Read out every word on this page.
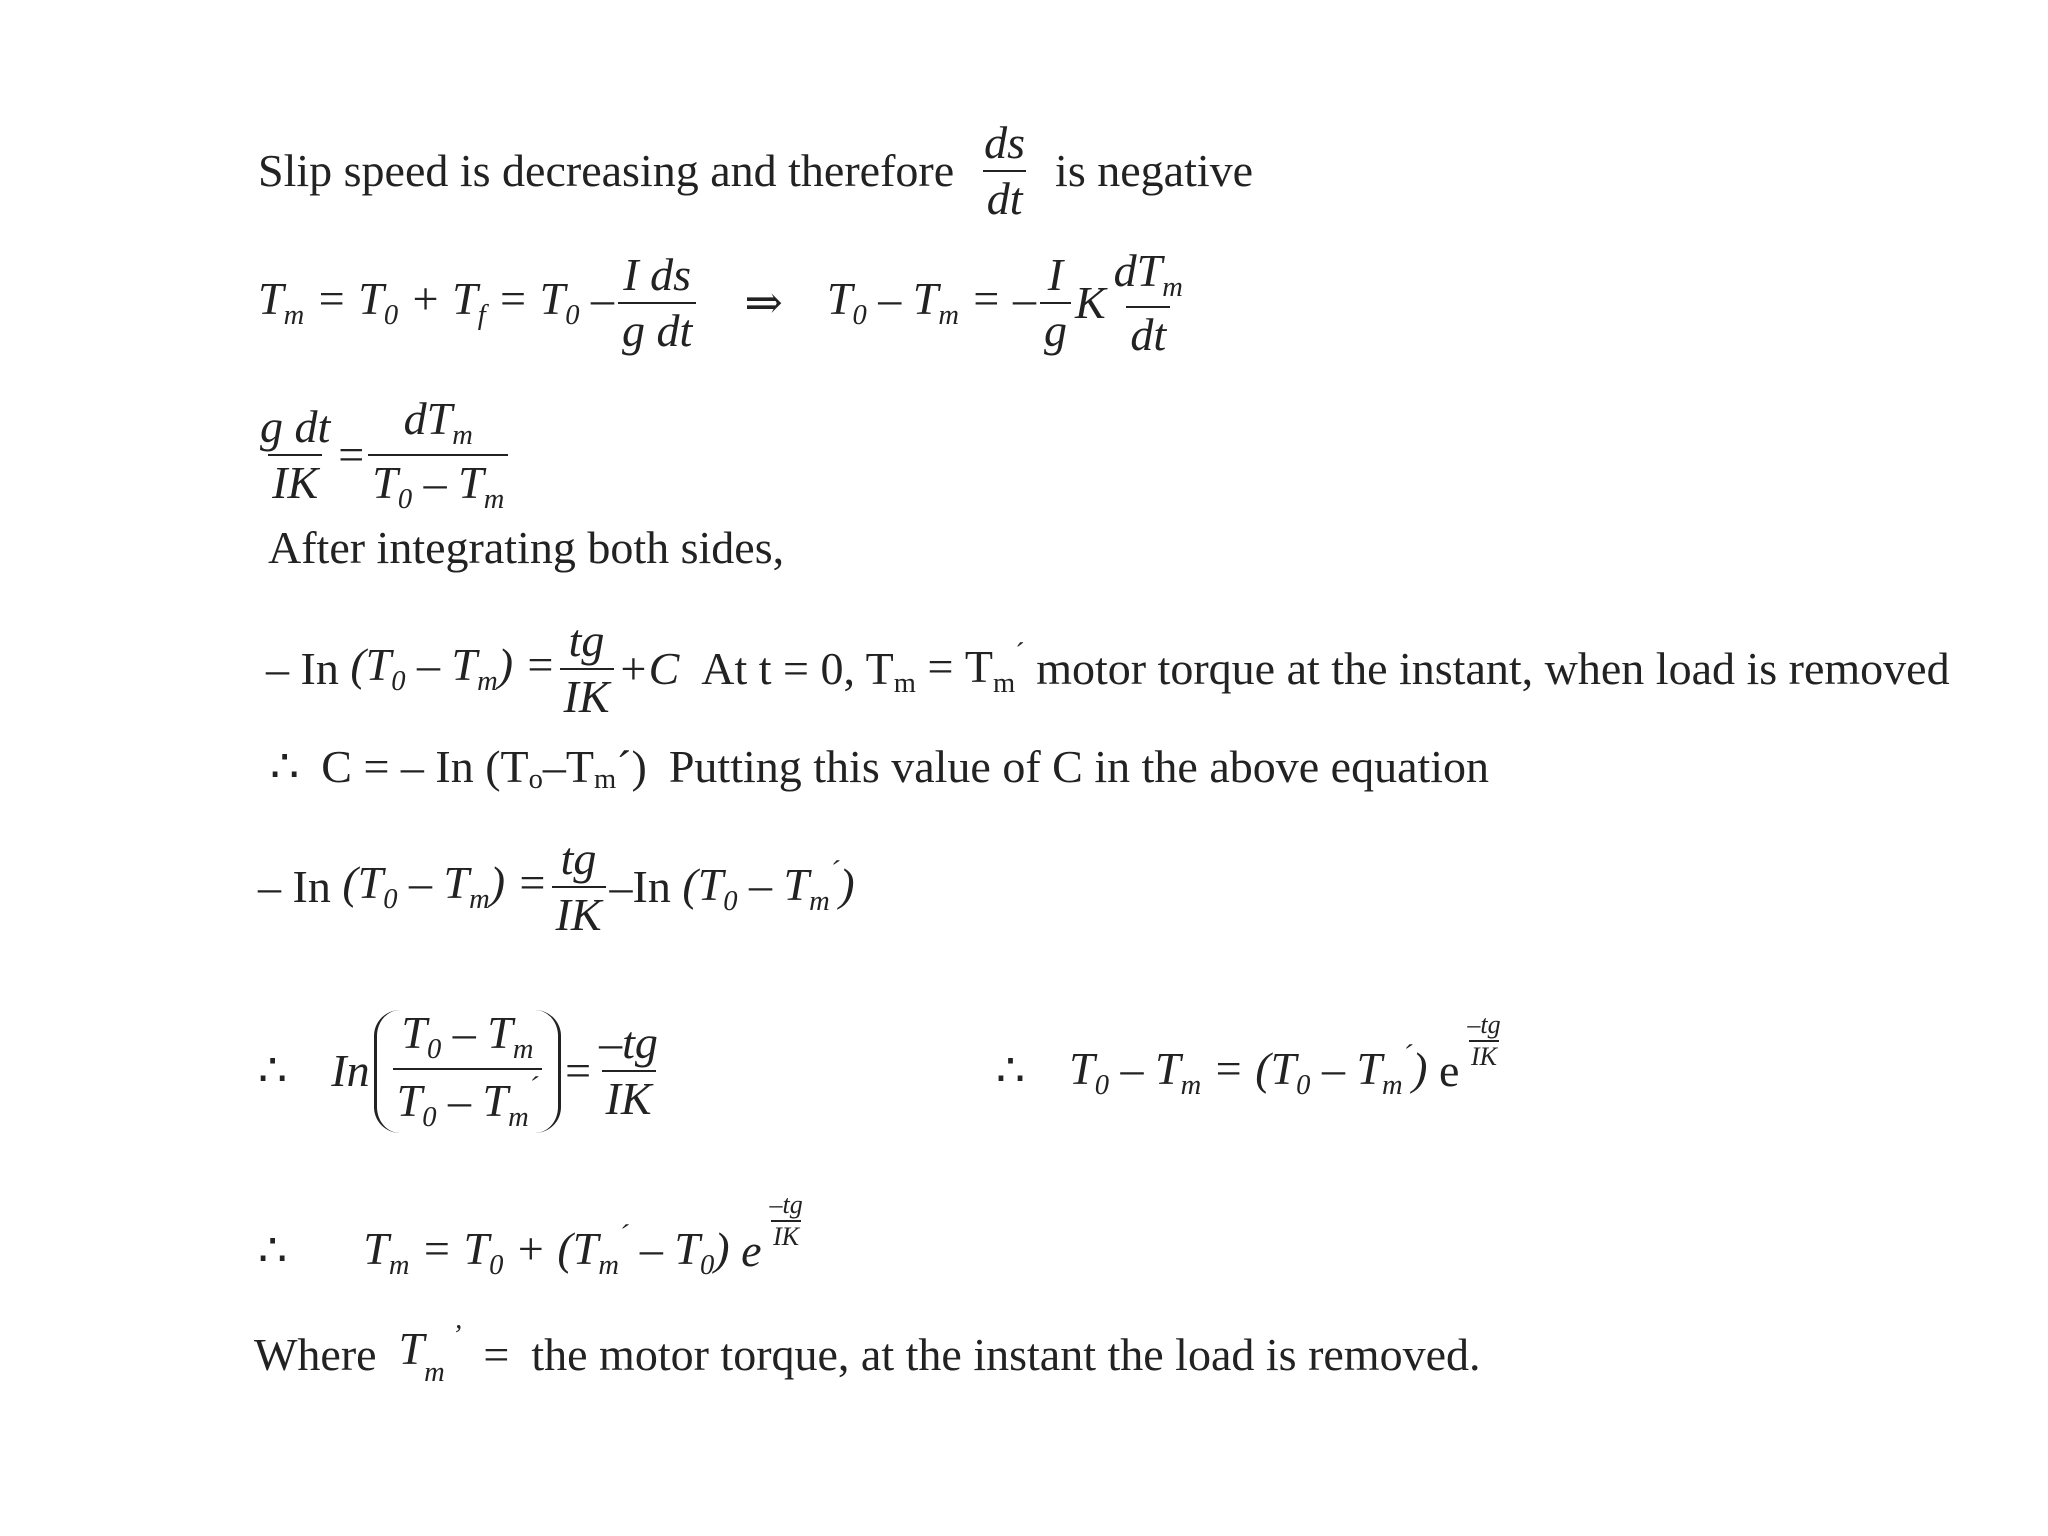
Slip speed is decreasing and therefore $\frac{ds}{dt}$ is negative
$T_m = T_0 + T_f = T_0 - \frac{\text{I ds}}{\text{g dt}}$ ⇒ $T_0 - T_m$ = – $\frac{I}{g}$ K $\frac{dT_m}{dt}$
$\frac{\text{g dt}}{IK} = \frac{dT_m}{T_0 - T_m}$
After integrating both sides,
– In $(T_0 - T_m) = \frac{tg}{IK} +C$ At t = 0, T $_m = T_m^´$
motor torque at the instant, when load is removed
∴ C = – In (T $_o$ –T $_m$ ´) Putting this value of C in the above equation
– In $(T_0 - T_m) = \frac{tg}{IK} -In$ $(T_0 - T_m^´)$
∴ In $\frac{T_0 - T_m}{T_0 - T_m^´} = \frac{-tg}{IK}$	∴ $T_0 - T_m = (T_0 - T_m^´)$ e
–tg
IK
∴ $T_m = T_0 + (T_m^´ - T_0)$ e
–tg
IK
Where $T_m$ ’ = the motor torque, at the instant the load is removed.
